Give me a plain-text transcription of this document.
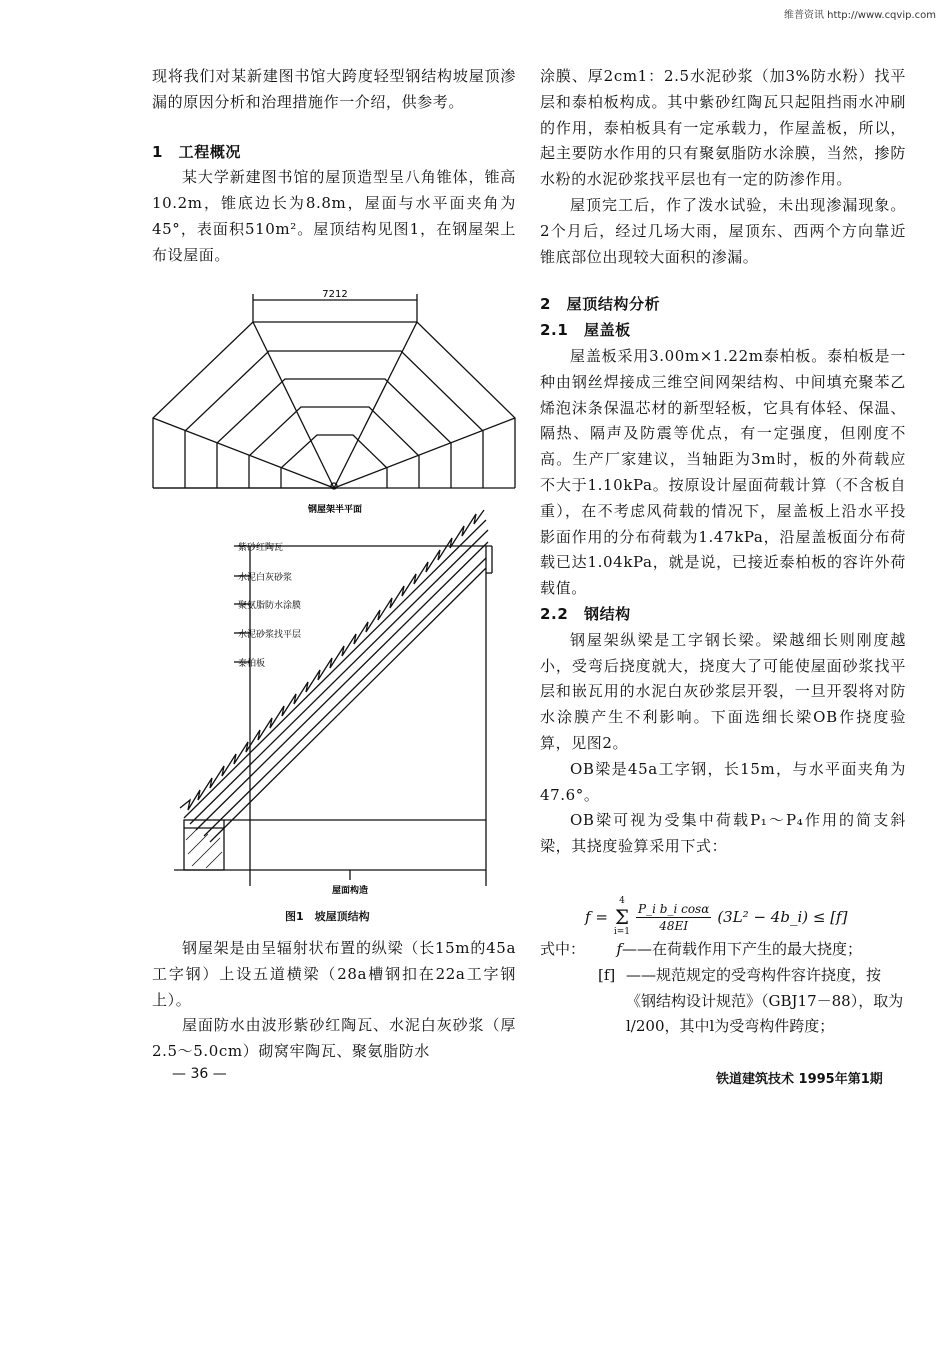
维普资讯 http://www.cqvip.com

现将我们对某新建图书馆大跨度轻型钢结构坡屋顶渗漏的原因分析和治理措施作一介绍，供参考。

1　工程概况

某大学新建图书馆的屋顶造型呈八角锥体，锥高10.2m，锥底边长为8.8m，屋面与水平面夹角为45°，表面积510m²。屋顶结构见图1，在钢屋架上布设屋面。

7212
钢屋架半平面
紫砂红陶瓦
水泥白灰砂浆
聚氨脂防水涂膜
水泥砂浆找平层
泰柏板
屋面构造
图1　坡屋顶结构

钢屋架是由呈辐射状布置的纵梁（长15m的45a工字钢）上设五道横梁（28a槽钢扣在22a工字钢上）。

屋面防水由波形紫砂红陶瓦、水泥白灰砂浆（厚2.5～5.0cm）砌窝牢陶瓦、聚氨脂防水

涂膜、厚2cm1：2.5水泥砂浆（加3%防水粉）找平层和泰柏板构成。其中紫砂红陶瓦只起阻挡雨水冲刷的作用，泰柏板具有一定承载力，作屋盖板，所以，起主要防水作用的只有聚氨脂防水涂膜，当然，掺防水粉的水泥砂浆找平层也有一定的防渗作用。

屋顶完工后，作了泼水试验，未出现渗漏现象。2个月后，经过几场大雨，屋顶东、西两个方向靠近锥底部位出现较大面积的渗漏。

2　屋顶结构分析

2.1　屋盖板

屋盖板采用3.00m×1.22m泰柏板。泰柏板是一种由钢丝焊接成三维空间网架结构、中间填充聚苯乙烯泡沫条保温芯材的新型轻板，它具有体轻、保温、隔热、隔声及防震等优点，有一定强度，但刚度不高。生产厂家建议，当轴距为3m时，板的外荷载应不大于1.10kPa。按原设计屋面荷载计算（不含板自重），在不考虑风荷载的情况下，屋盖板上沿水平投影面作用的分布荷载为1.47kPa，沿屋盖板面分布荷载已达1.04kPa，就是说，已接近泰柏板的容许外荷载值。

2.2　钢结构

钢屋架纵梁是工字钢长梁。梁越细长则刚度越小，受弯后挠度就大，挠度大了可能使屋面砂浆找平层和嵌瓦用的水泥白灰砂浆层开裂，一旦开裂将对防水涂膜产生不利影响。下面选细长梁OB作挠度验算，见图2。

OB梁是45a工字钢，长15m，与水平面夹角为47.6°。

OB梁可视为受集中荷载P₁～P₄作用的简支斜梁，其挠度验算采用下式：

f =
4
Σ
$i=1 \frac{\text{P\_i b\_i cosα}}{48EI} (3L^2$ − 4b_i) ≤ [f]
式中：	f ——在荷载作用下产生的最大挠度；
[f] ——规范规定的受弯构件容许挠度，按《钢结构设计规范》（GBJ17－88），取为l/200，其中l为受弯构件跨度；
— 36 —	铁道建筑技术 1995年第1期
